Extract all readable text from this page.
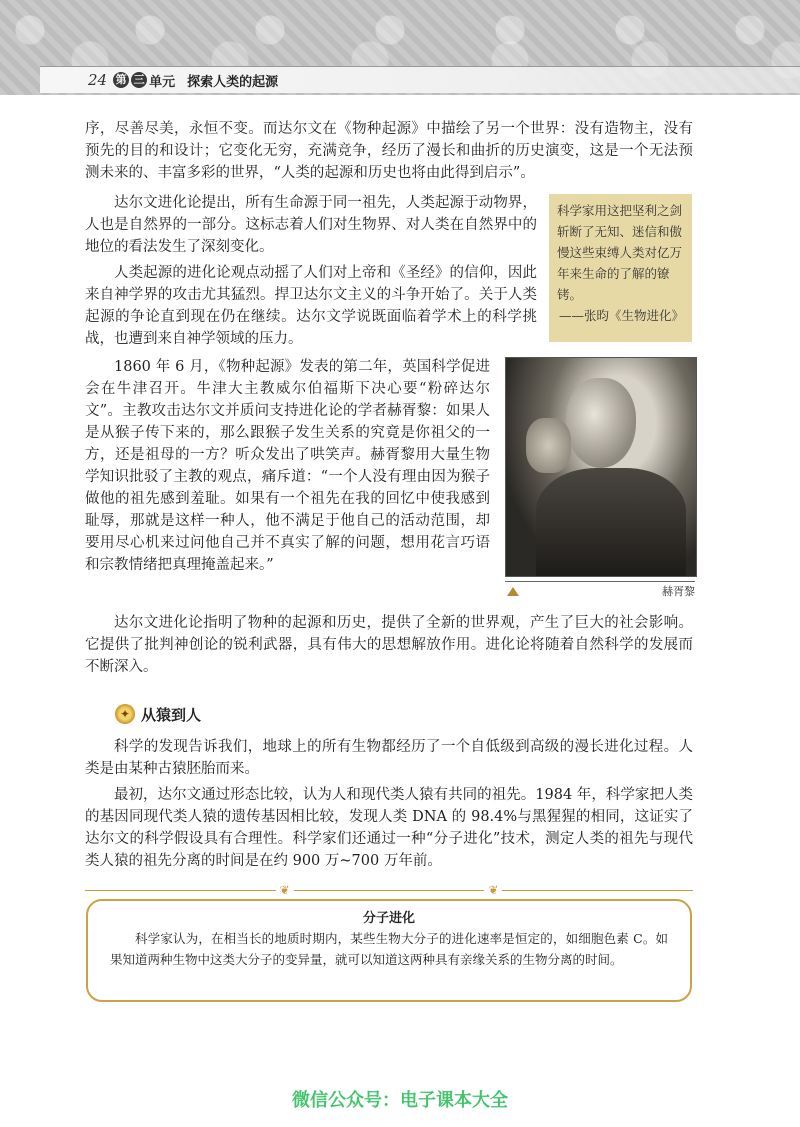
24 第 三 单元 探索人类的起源

序，尽善尽美，永恒不变。而达尔文在《物种起源》中描绘了另一个世界：没有造物主，没有预先的目的和设计；它变化无穷，充满竞争，经历了漫长和曲折的历史演变，这是一个无法预测未来的、丰富多彩的世界，“人类的起源和历史也将由此得到启示”。

达尔文进化论提出，所有生命源于同一祖先，人类起源于动物界，人也是自然界的一部分。这标志着人们对生物界、对人类在自然界中的地位的看法发生了深刻变化。

人类起源的进化论观点动摇了人们对上帝和《圣经》的信仰，因此来自神学界的攻击尤其猛烈。捍卫达尔文主义的斗争开始了。关于人类起源的争论直到现在仍在继续。达尔文学说既面临着学术上的科学挑战，也遭到来自神学领域的压力。

科学家用这把坚利之剑斩断了无知、迷信和傲慢这些束缚人类对亿万年来生命的了解的镣铐。
——张昀《生物进化》

1860 年 6 月，《物种起源》发表的第二年，英国科学促进会在牛津召开。牛津大主教威尔伯福斯下决心要“粉碎达尔文”。主教攻击达尔文并质问支持进化论的学者赫胥黎：如果人是从猴子传下来的，那么跟猴子发生关系的究竟是你祖父的一方，还是祖母的一方？听众发出了哄笑声。赫胥黎用大量生物学知识批驳了主教的观点，痛斥道：“一个人没有理由因为猴子做他的祖先感到羞耻。如果有一个祖先在我的回忆中使我感到耻辱，那就是这样一种人，他不满足于他自己的活动范围，却要用尽心机来过问他自己并不真实了解的问题，想用花言巧语和宗教情绪把真理掩盖起来。”

赫胥黎

达尔文进化论指明了物种的起源和历史，提供了全新的世界观，产生了巨大的社会影响。它提供了批判神创论的锐利武器，具有伟大的思想解放作用。进化论将随着自然科学的发展而不断深入。

✦ 从猿到人

科学的发现告诉我们，地球上的所有生物都经历了一个自低级到高级的漫长进化过程。人类是由某种古猿胚胎而来。

最初，达尔文通过形态比较，认为人和现代类人猿有共同的祖先。1984 年，科学家把人类的基因同现代类人猿的遗传基因相比较，发现人类 DNA 的 98.4%与黑猩猩的相同，这证实了达尔文的科学假设具有合理性。科学家们还通过一种“分子进化”技术，测定人类的祖先与现代类人猿的祖先分离的时间是在约 900 万~700 万年前。

❦	❦
分子进化

科学家认为，在相当长的地质时期内，某些生物大分子的进化速率是恒定的，如细胞色素 C。如果知道两种生物中这类大分子的变异量，就可以知道这两种具有亲缘关系的生物分离的时间。

微信公众号：电子课本大全
